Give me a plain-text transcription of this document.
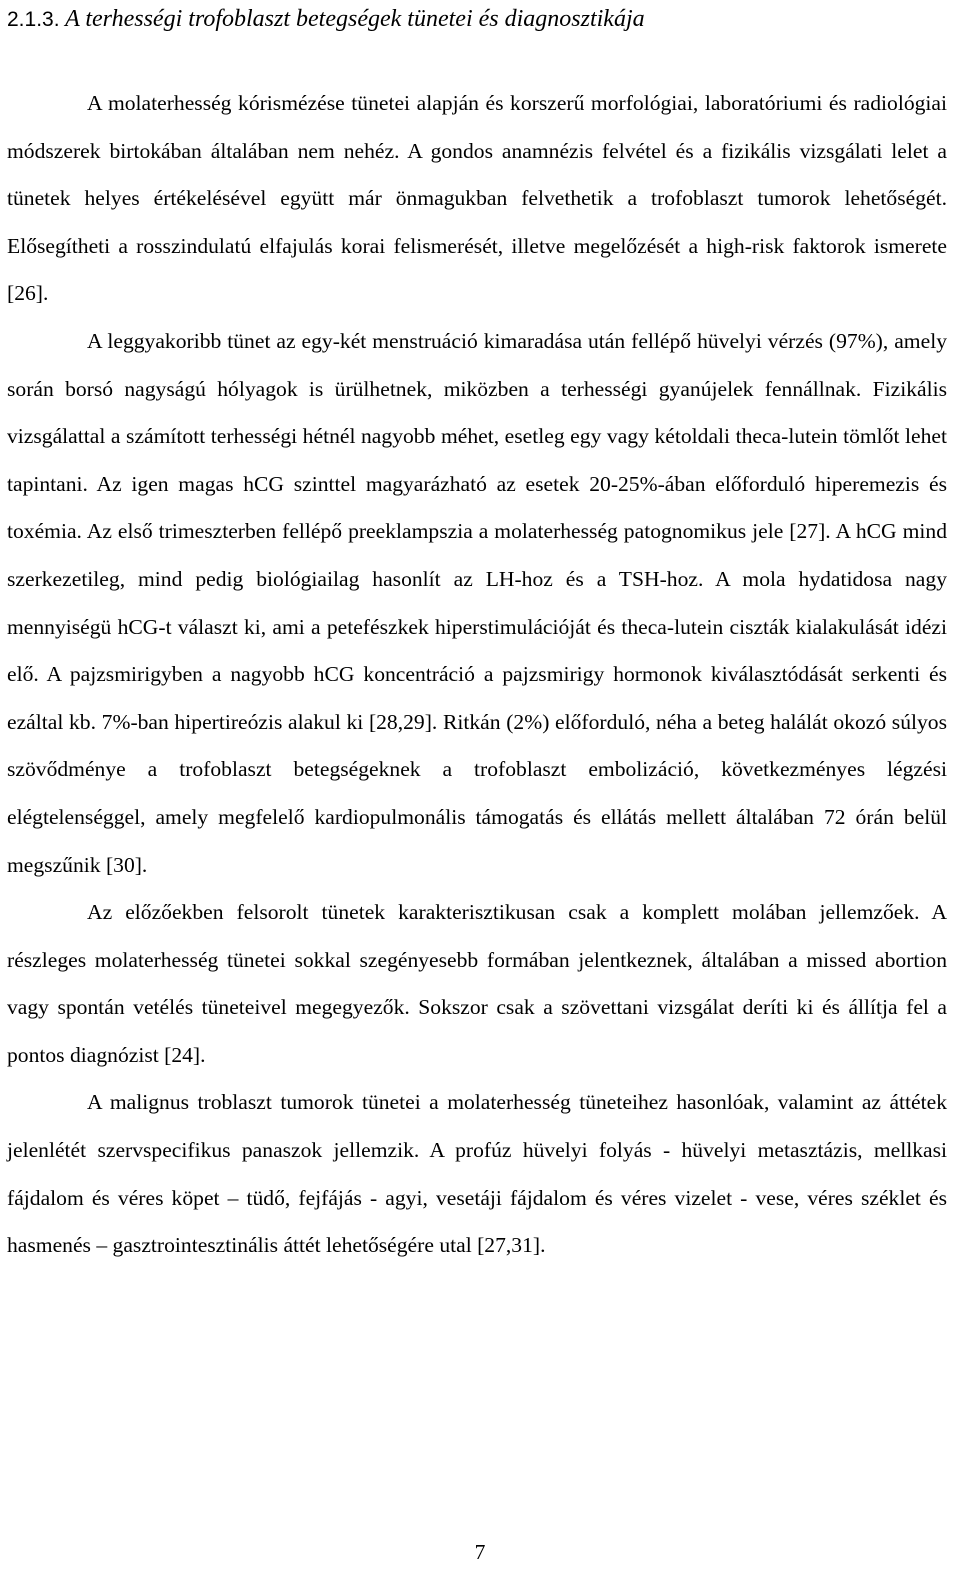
2.1.3. A terhességi trofoblaszt betegségek tünetei és diagnosztikája

A molaterhesség kórismézése tünetei alapján és korszerű morfológiai, laboratóriumi és radiológiai módszerek birtokában általában nem nehéz. A gondos anamnézis felvétel és a fizikális vizsgálati lelet a tünetek helyes értékelésével együtt már önmagukban felvethetik a trofoblaszt tumorok lehetőségét. Elősegítheti a rosszindulatú elfajulás korai felismerését, illetve megelőzését a high-risk faktorok ismerete [26].

A leggyakoribb tünet az egy-két menstruáció kimaradása után fellépő hüvelyi vérzés (97%), amely során borsó nagyságú hólyagok is ürülhetnek, miközben a terhességi gyanújelek fennállnak. Fizikális vizsgálattal a számított terhességi hétnél nagyobb méhet, esetleg egy vagy kétoldali theca-lutein tömlőt lehet tapintani. Az igen magas hCG szinttel magyarázható az esetek 20-25%-ában előforduló hiperemezis és toxémia. Az első trimeszterben fellépő preeklampszia a molaterhesség patognomikus jele [27]. A hCG mind szerkezetileg, mind pedig biológiailag hasonlít az LH-hoz és a TSH-hoz. A mola hydatidosa nagy mennyiségü hCG-t választ ki, ami a petefészkek hiperstimulációját és theca-lutein ciszták kialakulását idézi elő. A pajzsmirigyben a nagyobb hCG koncentráció a pajzsmirigy hormonok kiválasztódását serkenti és ezáltal kb. 7%-ban hipertireózis alakul ki [28,29]. Ritkán (2%) előforduló, néha a beteg halálát okozó súlyos szövődménye a trofoblaszt betegségeknek a trofoblaszt embolizáció, következményes légzési elégtelenséggel, amely megfelelő kardiopulmonális támogatás és ellátás mellett általában 72 órán belül megszűnik [30].

Az előzőekben felsorolt tünetek karakterisztikusan csak a komplett molában jellemzőek. A részleges molaterhesség tünetei sokkal szegényesebb formában jelentkeznek, általában a missed abortion vagy spontán vetélés tüneteivel megegyezők. Sokszor csak a szövettani vizsgálat deríti ki és állítja fel a pontos diagnózist [24].

A malignus troblaszt tumorok tünetei a molaterhesség tüneteihez hasonlóak, valamint az áttétek jelenlétét szervspecifikus panaszok jellemzik. A profúz hüvelyi folyás - hüvelyi metasztázis, mellkasi fájdalom és véres köpet – tüdő, fejfájás - agyi, vesetáji fájdalom és véres vizelet - vese, véres széklet és hasmenés – gasztrointesztinális áttét lehetőségére utal [27,31].

7
